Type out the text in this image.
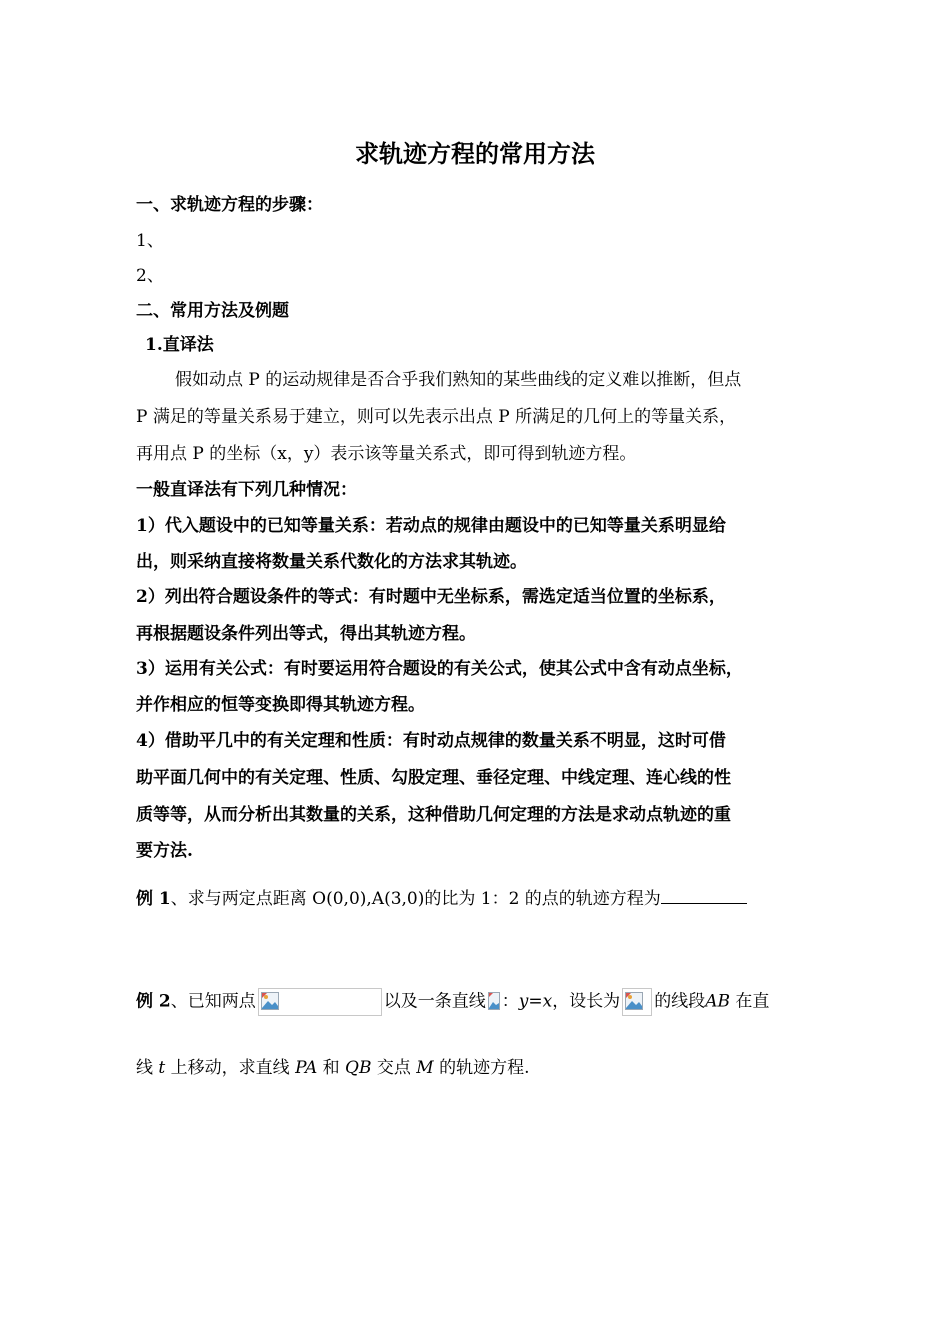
求轨迹方程的常用方法
一、求轨迹方程的步骤：
1、
2、
二、常用方法及例题
1.直译法
假如动点 P 的运动规律是否合乎我们熟知的某些曲线的定义难以推断，但点
P 满足的等量关系易于建立，则可以先表示出点 P 所满足的几何上的等量关系，
再用点 P 的坐标（x，y）表示该等量关系式，即可得到轨迹方程。
一般直译法有下列几种情况：
1）代入题设中的已知等量关系：若动点的规律由题设中的已知等量关系明显给
出，则采纳直接将数量关系代数化的方法求其轨迹。
2）列出符合题设条件的等式：有时题中无坐标系，需选定适当位置的坐标系，
再根据题设条件列出等式，得出其轨迹方程。
3）运用有关公式：有时要运用符合题设的有关公式，使其公式中含有动点坐标，
并作相应的恒等变换即得其轨迹方程。
4）借助平几中的有关定理和性质：有时动点规律的数量关系不明显，这时可借
助平面几何中的有关定理、性质、勾股定理、垂径定理、中线定理、连心线的性
质等等，从而分析出其数量的关系，这种借助几何定理的方法是求动点轨迹的重
要方法.
例 1、求与两定点距离 O(0,0),A(3,0)的比为 1：2 的点的轨迹方程为
例 2、已知两点	以及一条直线 ：y=x，设长为 的线段AB 在直
线 t 上移动，求直线 PA 和 QB 交点 M 的轨迹方程.
